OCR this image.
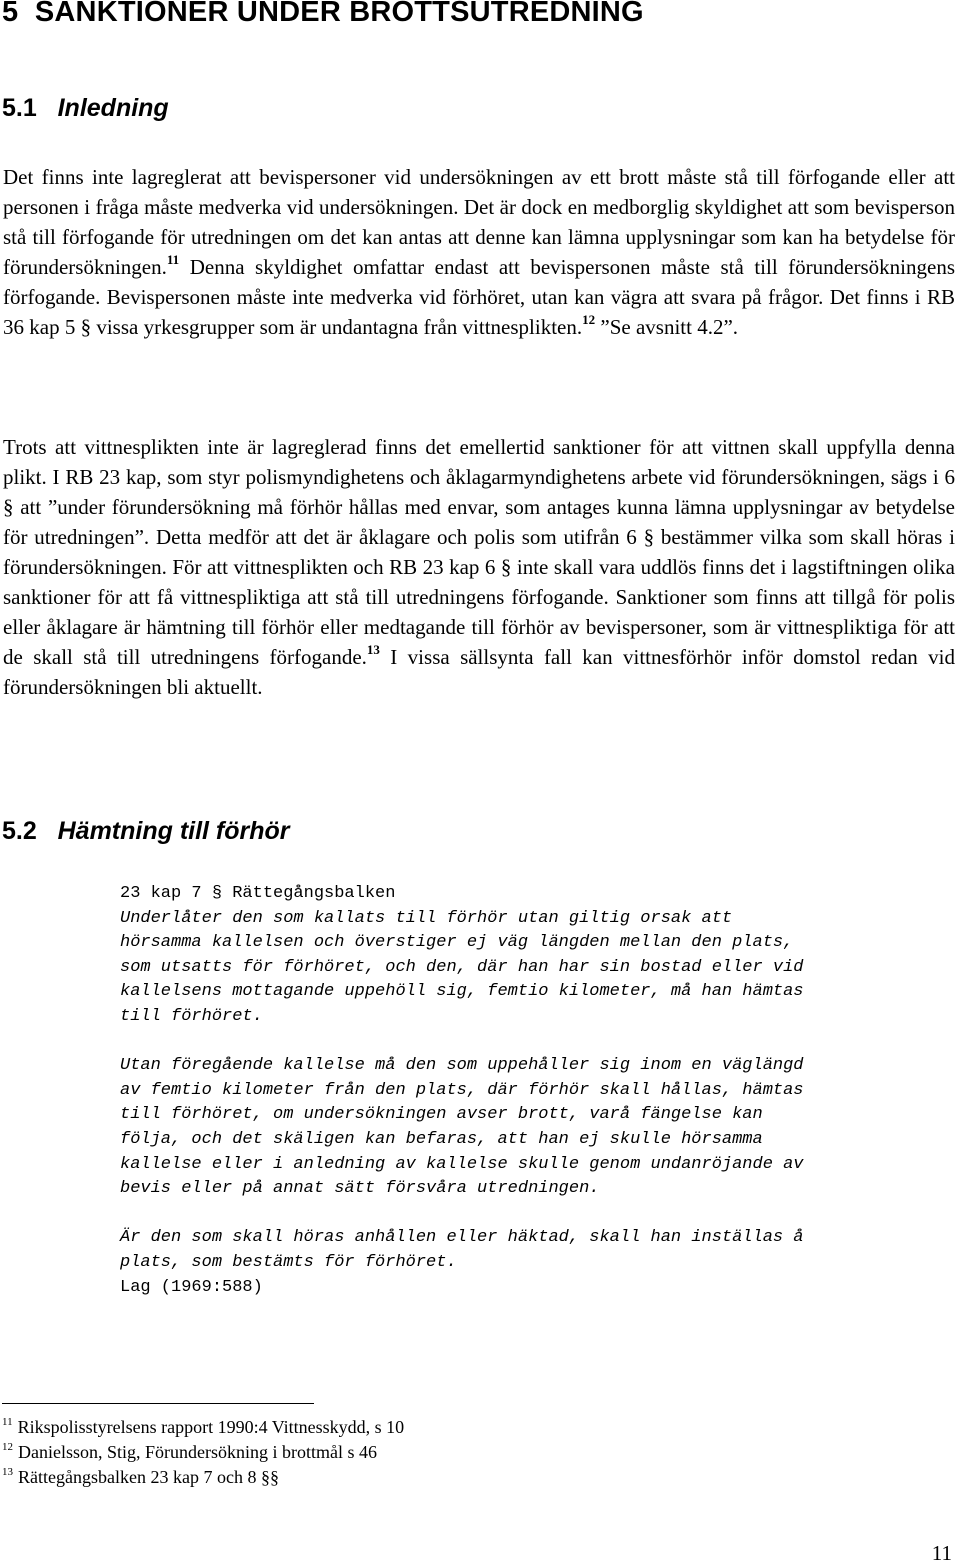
5 SANKTIONER UNDER BROTTSUTREDNING
5.1 Inledning

Det finns inte lagreglerat att bevispersoner vid undersökningen av ett brott måste stå till förfogande eller att personen i fråga måste medverka vid undersökningen. Det är dock en medborglig skyldighet att som bevisperson stå till förfogande för utredningen om det kan antas att denne kan lämna upplysningar som kan ha betydelse för förundersökningen.$^{11}$ Denna skyldighet omfattar endast att bevispersonen måste stå till förundersökningens förfogande. Bevispersonen måste inte medverka vid förhöret, utan kan vägra att svara på frågor. Det finns i RB 36 kap 5 § vissa yrkesgrupper som är undantagna från vittnesplikten.$^{12}$ ”Se avsnitt 4.2”.

Trots att vittnesplikten inte är lagreglerad finns det emellertid sanktioner för att vittnen skall uppfylla denna plikt. I RB 23 kap, som styr polismyndighetens och åklagarmyndighetens arbete vid förundersökningen, sägs i 6 § att ”under förundersökning må förhör hållas med envar, som antages kunna lämna upplysningar av betydelse för utredningen”. Detta medför att det är åklagare och polis som utifrån 6 § bestämmer vilka som skall höras i förundersökningen. För att vittnesplikten och RB 23 kap 6 § inte skall vara uddlös finns det i lagstiftningen olika sanktioner för att få vittnespliktiga att stå till utredningens förfogande. Sanktioner som finns att tillgå för polis eller åklagare är hämtning till förhör eller medtagande till förhör av bevispersoner, som är vittnespliktiga för att de skall stå till utredningens förfogande.$^{13}$ I vissa sällsynta fall kan vittnesförhör inför domstol redan vid förundersökningen bli aktuellt.

5.2 Hämtning till förhör
23 kap 7 § Rättegångsbalken

Underlåter den som kallats till förhör utan giltig orsak att hörsamma kallelsen och överstiger ej väg längden mellan den plats, som utsatts för förhöret, och den, där han har sin bostad eller vid kallelsens mottagande uppehöll sig, femtio kilometer, må han hämtas till förhöret.

Utan föregående kallelse må den som uppehåller sig inom en väglängd av femtio kilometer från den plats, där förhör skall hållas, hämtas till förhöret, om undersökningen avser brott, varå fängelse kan följa, och det skäligen kan befaras, att han ej skulle hörsamma kallelse eller i anledning av kallelse skulle genom undanröjande av bevis eller på annat sätt försvåra utredningen.

Är den som skall höras anhållen eller häktad, skall han inställas å plats, som bestämts för förhöret.

Lag (1969:588)
$^{11}$ Rikspolisstyrelsens rapport 1990:4 Vittnesskydd, s 10
$^{12}$ Danielsson, Stig, Förundersökning i brottmål s 46
$^{13}$ Rättegångsbalken 23 kap 7 och 8 §§
11
